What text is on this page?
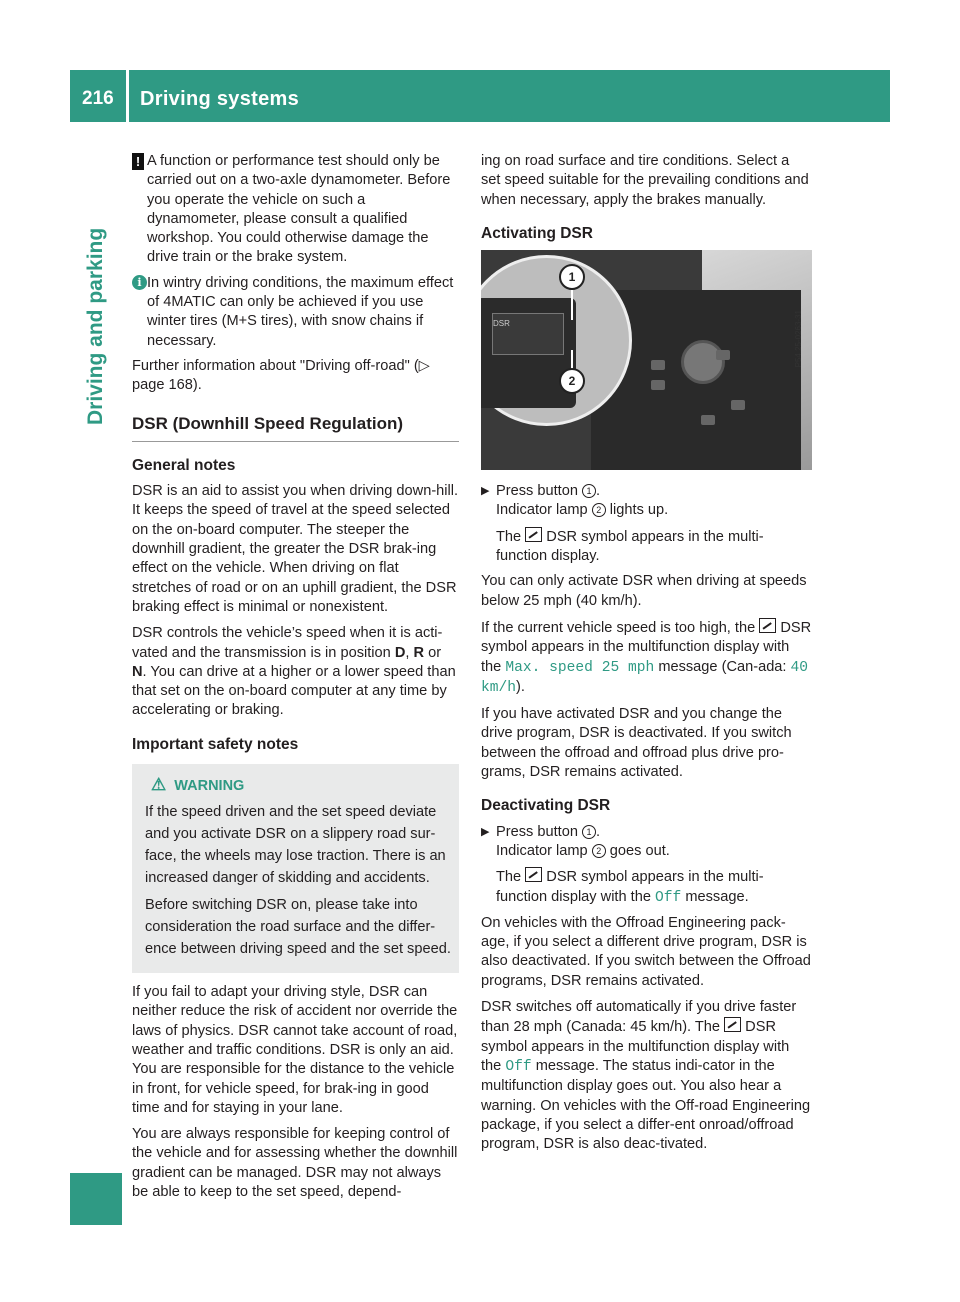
216 Driving systems
Driving and parking
! A function or performance test should only be carried out on a two-axle dynamometer. Before you operate the vehicle on such a dynamometer, please consult a qualified workshop. You could otherwise damage the drive train or the brake system.
i In wintry driving conditions, the maximum effect of 4MATIC can only be achieved if you use winter tires (M+S tires), with snow chains if necessary.

Further information about "Driving off-road" (▷ page 168).

DSR (Downhill Speed Regulation)
General notes

DSR is an aid to assist you when driving down-hill. It keeps the speed of travel at the speed selected on the on-board computer. The steeper the downhill gradient, the greater the DSR brak-ing effect on the vehicle. When driving on flat stretches of road or on an uphill gradient, the DSR braking effect is minimal or nonexistent.

DSR controls the vehicle’s speed when it is acti-vated and the transmission is in position D, R or N. You can drive at a higher or a lower speed than that set on the on-board computer at any time by accelerating or braking.

Important safety notes
⚠ WARNING

If the speed driven and the set speed deviate and you activate DSR on a slippery road sur-face, the wheels may lose traction. There is an increased danger of skidding and accidents.

Before switching DSR on, please take into consideration the road surface and the differ-ence between driving speed and the set speed.

If you fail to adapt your driving style, DSR can neither reduce the risk of accident nor override the laws of physics. DSR cannot take account of road, weather and traffic conditions. DSR is only an aid. You are responsible for the distance to the vehicle in front, for vehicle speed, for brak-ing in good time and for staying in your lane.

You are always responsible for keeping control of the vehicle and for assessing whether the downhill gradient can be managed. DSR may not always be able to keep to the set speed, depend-

ing on road surface and tire conditions. Select a set speed suitable for the prevailing conditions and when necessary, apply the brakes manually.

Activating DSR
DSR
1
2
P54.25-0263-31
▶ Press button 1 .
Indicator lamp 2 lights up.
The DSR symbol appears in the multi-function display.

You can only activate DSR when driving at speeds below 25 mph (40 km/h).

If the current vehicle speed is too high, the DSR symbol appears in the multifunction display with the Max. speed 25 mph message (Can-ada: 40 km/h).

If you have activated DSR and you change the drive program, DSR is deactivated. If you switch between the offroad and offroad plus drive pro-grams, DSR remains activated.

Deactivating DSR
▶ Press button 1 .
Indicator lamp 2 goes out.
The DSR symbol appears in the multi-function display with the Off message.

On vehicles with the Offroad Engineering pack-age, if you select a different drive program, DSR is also deactivated. If you switch between the Offroad programs, DSR remains activated.

DSR switches off automatically if you drive faster than 28 mph (Canada: 45 km/h). The DSR symbol appears in the multifunction display with the Off message. The status indi-cator in the multifunction display goes out. You also hear a warning. On vehicles with the Off-road Engineering package, if you select a differ-ent onroad/offroad program, DSR is also deac-tivated.
